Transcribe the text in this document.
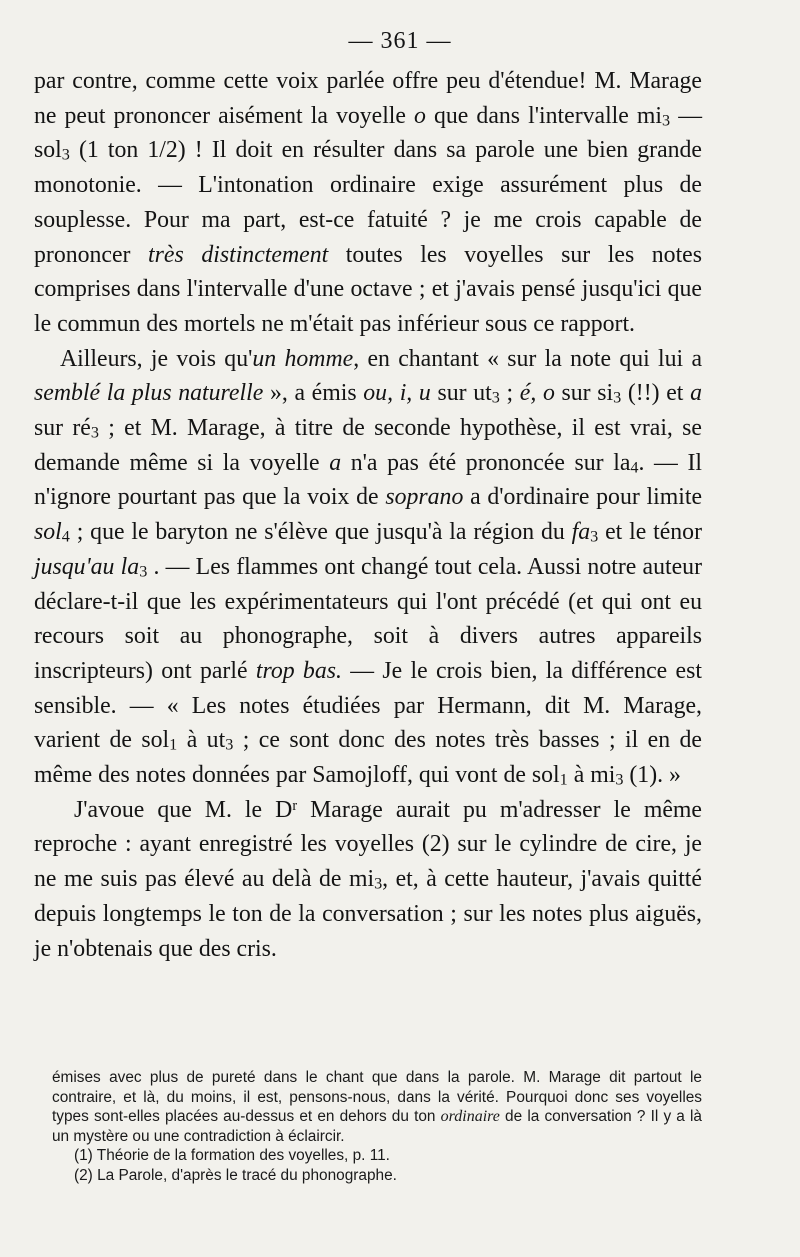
— 361 —

par contre, comme cette voix parlée offre peu d'étendue! M. Marage ne peut prononcer aisément la voyelle o que dans l'intervalle mi3 — sol3 (1 ton 1/2) ! Il doit en résulter dans sa parole une bien grande monotonie. — L'intonation ordinaire exige assurément plus de souplesse. Pour ma part, est-ce fatuité ? je me crois capable de prononcer très distinctement toutes les voyelles sur les notes comprises dans l'intervalle d'une octave ; et j'avais pensé jusqu'ici que le commun des mortels ne m'était pas inférieur sous ce rapport.

Ailleurs, je vois qu'un homme, en chantant « sur la note qui lui a semblé la plus naturelle », a émis ou, i, u sur ut3 ; é, o sur si3 (!!) et a sur ré3 ; et M. Marage, à titre de seconde hypothèse, il est vrai, se demande même si la voyelle a n'a pas été prononcée sur la4. — Il n'ignore pourtant pas que la voix de soprano a d'ordinaire pour limite sol4 ; que le baryton ne s'élève que jusqu'à la région du fa3 et le ténor jusqu'au la3 . — Les flammes ont changé tout cela. Aussi notre auteur déclare-t-il que les expérimentateurs qui l'ont précédé (et qui ont eu recours soit au phonographe, soit à divers autres appareils inscripteurs) ont parlé trop bas. — Je le crois bien, la différence est sensible. — « Les notes étudiées par Hermann, dit M. Marage, varient de sol1 à ut3 ; ce sont donc des notes très basses ; il en de même des notes données par Samojloff, qui vont de sol1 à mi3 (1). »

J'avoue que M. le $D^r$ Marage aurait pu m'adresser le même reproche : ayant enregistré les voyelles (2) sur le cylindre de cire, je ne me suis pas élevé au delà de mi3, et, à cette hauteur, j'avais quitté depuis longtemps le ton de la conversation ; sur les notes plus aiguës, je n'obtenais que des cris.

émises avec plus de pureté dans le chant que dans la parole. M. Marage dit partout le contraire, et là, du moins, il est, pensons-nous, dans la vérité. Pourquoi donc ses voyelles types sont-elles placées au-dessus et en dehors du ton ordinaire de la conversation ? Il y a là un mystère ou une contradiction à éclaircir.

(1) Théorie de la formation des voyelles, p. 11.

(2) La Parole, d'après le tracé du phonographe.
